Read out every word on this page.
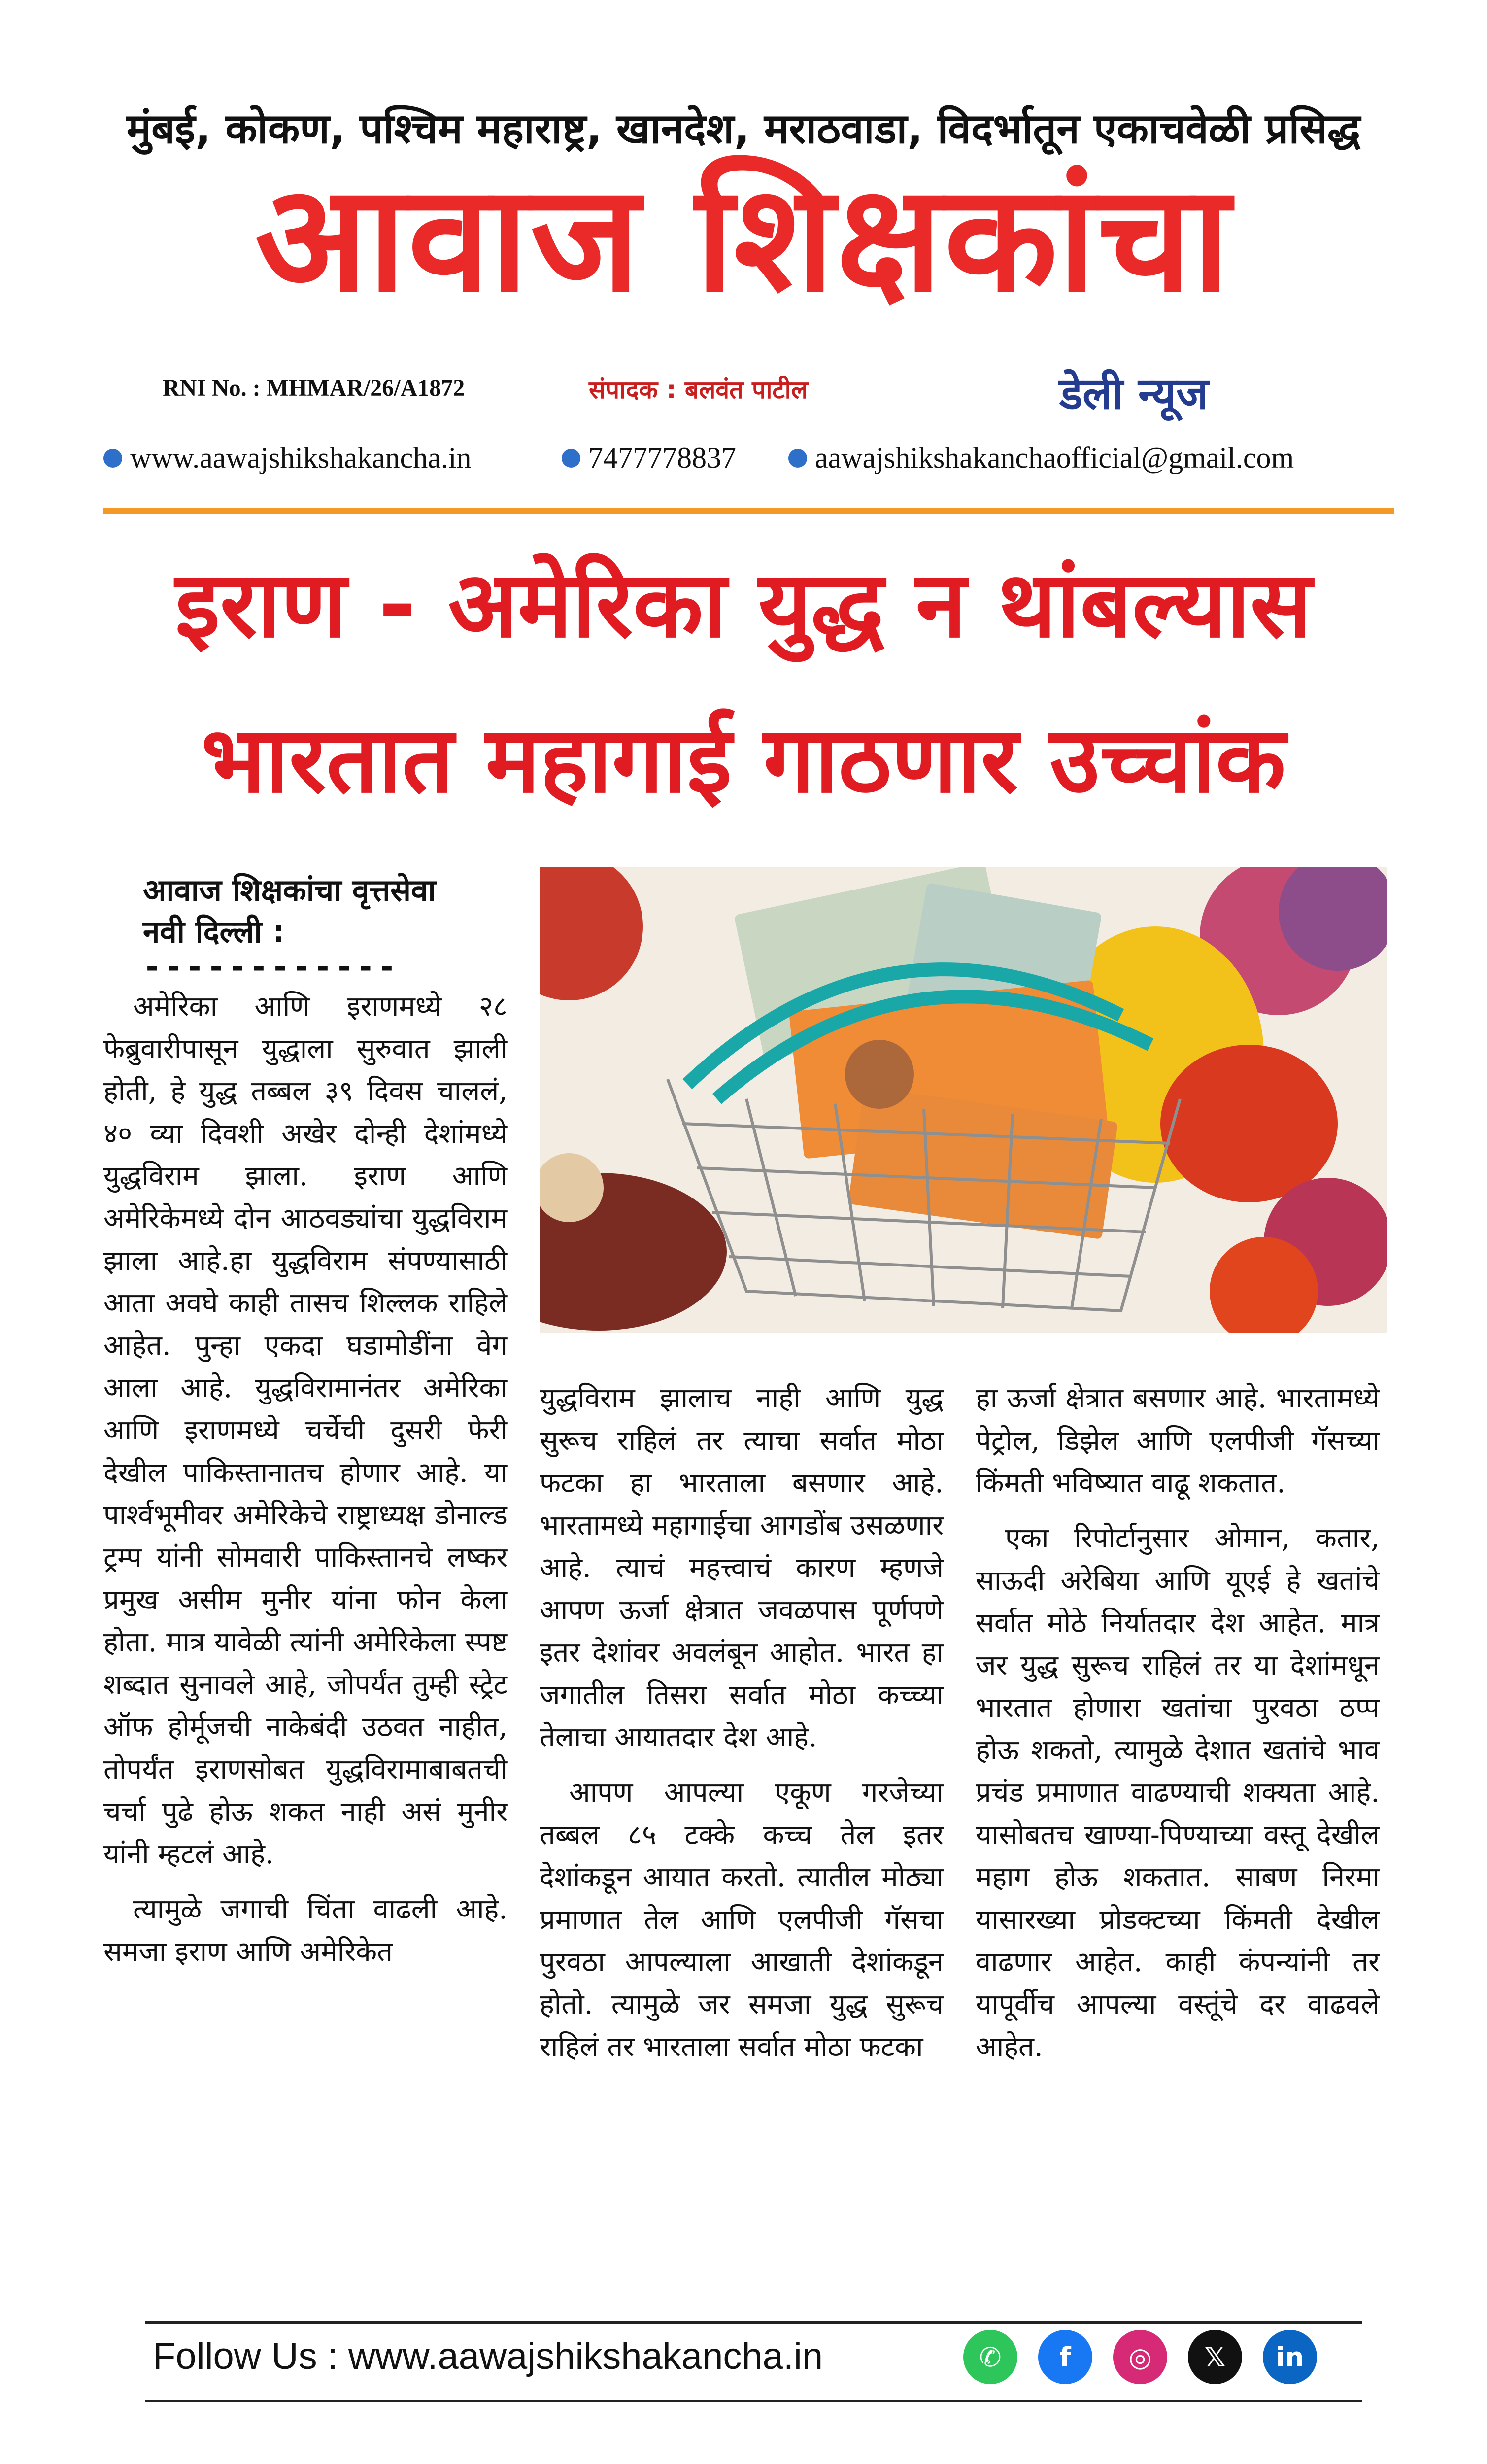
मुंबई, कोकण, पश्चिम महाराष्ट्र, खानदेश, मराठवाडा, विदर्भातून एकाचवेळी प्रसिद्ध
आवाज शिक्षकांचा
RNI No. : MHMAR/26/A1872	संपादक : बलवंत पाटील	डेली न्यूज
www.aawajshikshakancha.in	7477778837	aawajshikshakanchaofficial@gmail.com
इराण - अमेरिका युद्ध न थांबल्यास
भारतात महागाई गाठणार उच्चांक
आवाज शिक्षकांचा वृत्तसेवा
नवी दिल्ली :
------------

अमेरिका आणि इराणमध्ये २८ फेब्रुवारीपासून युद्धाला सुरुवात झाली होती, हे युद्ध तब्बल ३९ दिवस चाललं, ४० व्या दिवशी अखेर दोन्ही देशांमध्ये युद्धविराम झाला. इराण आणि अमेरिकेमध्ये दोन आठवड्यांचा युद्धविराम झाला आहे.हा युद्धविराम संपण्यासाठी आता अवघे काही तासच शिल्लक राहिले आहेत. पुन्हा एकदा घडामोडींना वेग आला आहे. युद्धविरामानंतर अमेरिका आणि इराणमध्ये चर्चेची दुसरी फेरी देखील पाकिस्तानातच होणार आहे. या पार्श्वभूमीवर अमेरिकेचे राष्ट्राध्यक्ष डोनाल्ड ट्रम्प यांनी सोमवारी पाकिस्तानचे लष्कर प्रमुख असीम मुनीर यांना फोन केला होता. मात्र यावेळी त्यांनी अमेरिकेला स्पष्ट शब्दात सुनावले आहे, जोपर्यंत तुम्ही स्ट्रेट ऑफ होर्मूजची नाकेबंदी उठवत नाहीत, तोपर्यंत इराणसोबत युद्धविरामाबाबतची चर्चा पुढे होऊ शकत नाही असं मुनीर यांनी म्हटलं आहे.

त्यामुळे जगाची चिंता वाढली आहे. समजा इराण आणि अमेरिकेत

युद्धविराम झालाच नाही आणि युद्ध सुरूच राहिलं तर त्याचा सर्वात मोठा फटका हा भारताला बसणार आहे. भारतामध्ये महागाईचा आगडोंब उसळणार आहे. त्याचं महत्त्वाचं कारण म्हणजे आपण ऊर्जा क्षेत्रात जवळपास पूर्णपणे इतर देशांवर अवलंबून आहोत. भारत हा जगातील तिसरा सर्वात मोठा कच्च्या तेलाचा आयातदार देश आहे.

आपण आपल्या एकूण गरजेच्या तब्बल ८५ टक्के कच्च तेल इतर देशांकडून आयात करतो. त्यातील मोठ्या प्रमाणात तेल आणि एलपीजी गॅसचा पुरवठा आपल्याला आखाती देशांकडून होतो. त्यामुळे जर समजा युद्ध सुरूच राहिलं तर भारताला सर्वात मोठा फटका

हा ऊर्जा क्षेत्रात बसणार आहे. भारतामध्ये पेट्रोल, डिझेल आणि एलपीजी गॅसच्या किंमती भविष्यात वाढू शकतात.

एका रिपोर्टानुसार ओमान, कतार, साऊदी अरेबिया आणि यूएई हे खतांचे सर्वात मोठे निर्यातदार देश आहेत. मात्र जर युद्ध सुरूच राहिलं तर या देशांमधून भारतात होणारा खतांचा पुरवठा ठप्प होऊ शकतो, त्यामुळे देशात खतांचे भाव प्रचंड प्रमाणात वाढण्याची शक्यता आहे. यासोबतच खाण्या-पिण्याच्या वस्तू देखील महाग होऊ शकतात. साबण निरमा यासारख्या प्रोडक्टच्या किंमती देखील वाढणार आहेत. काही कंपन्यांनी तर यापूर्वीच आपल्या वस्तूंचे दर वाढवले आहेत.

Follow Us : www.aawajshikshakancha.in	✆	f	◎	𝕏	in
